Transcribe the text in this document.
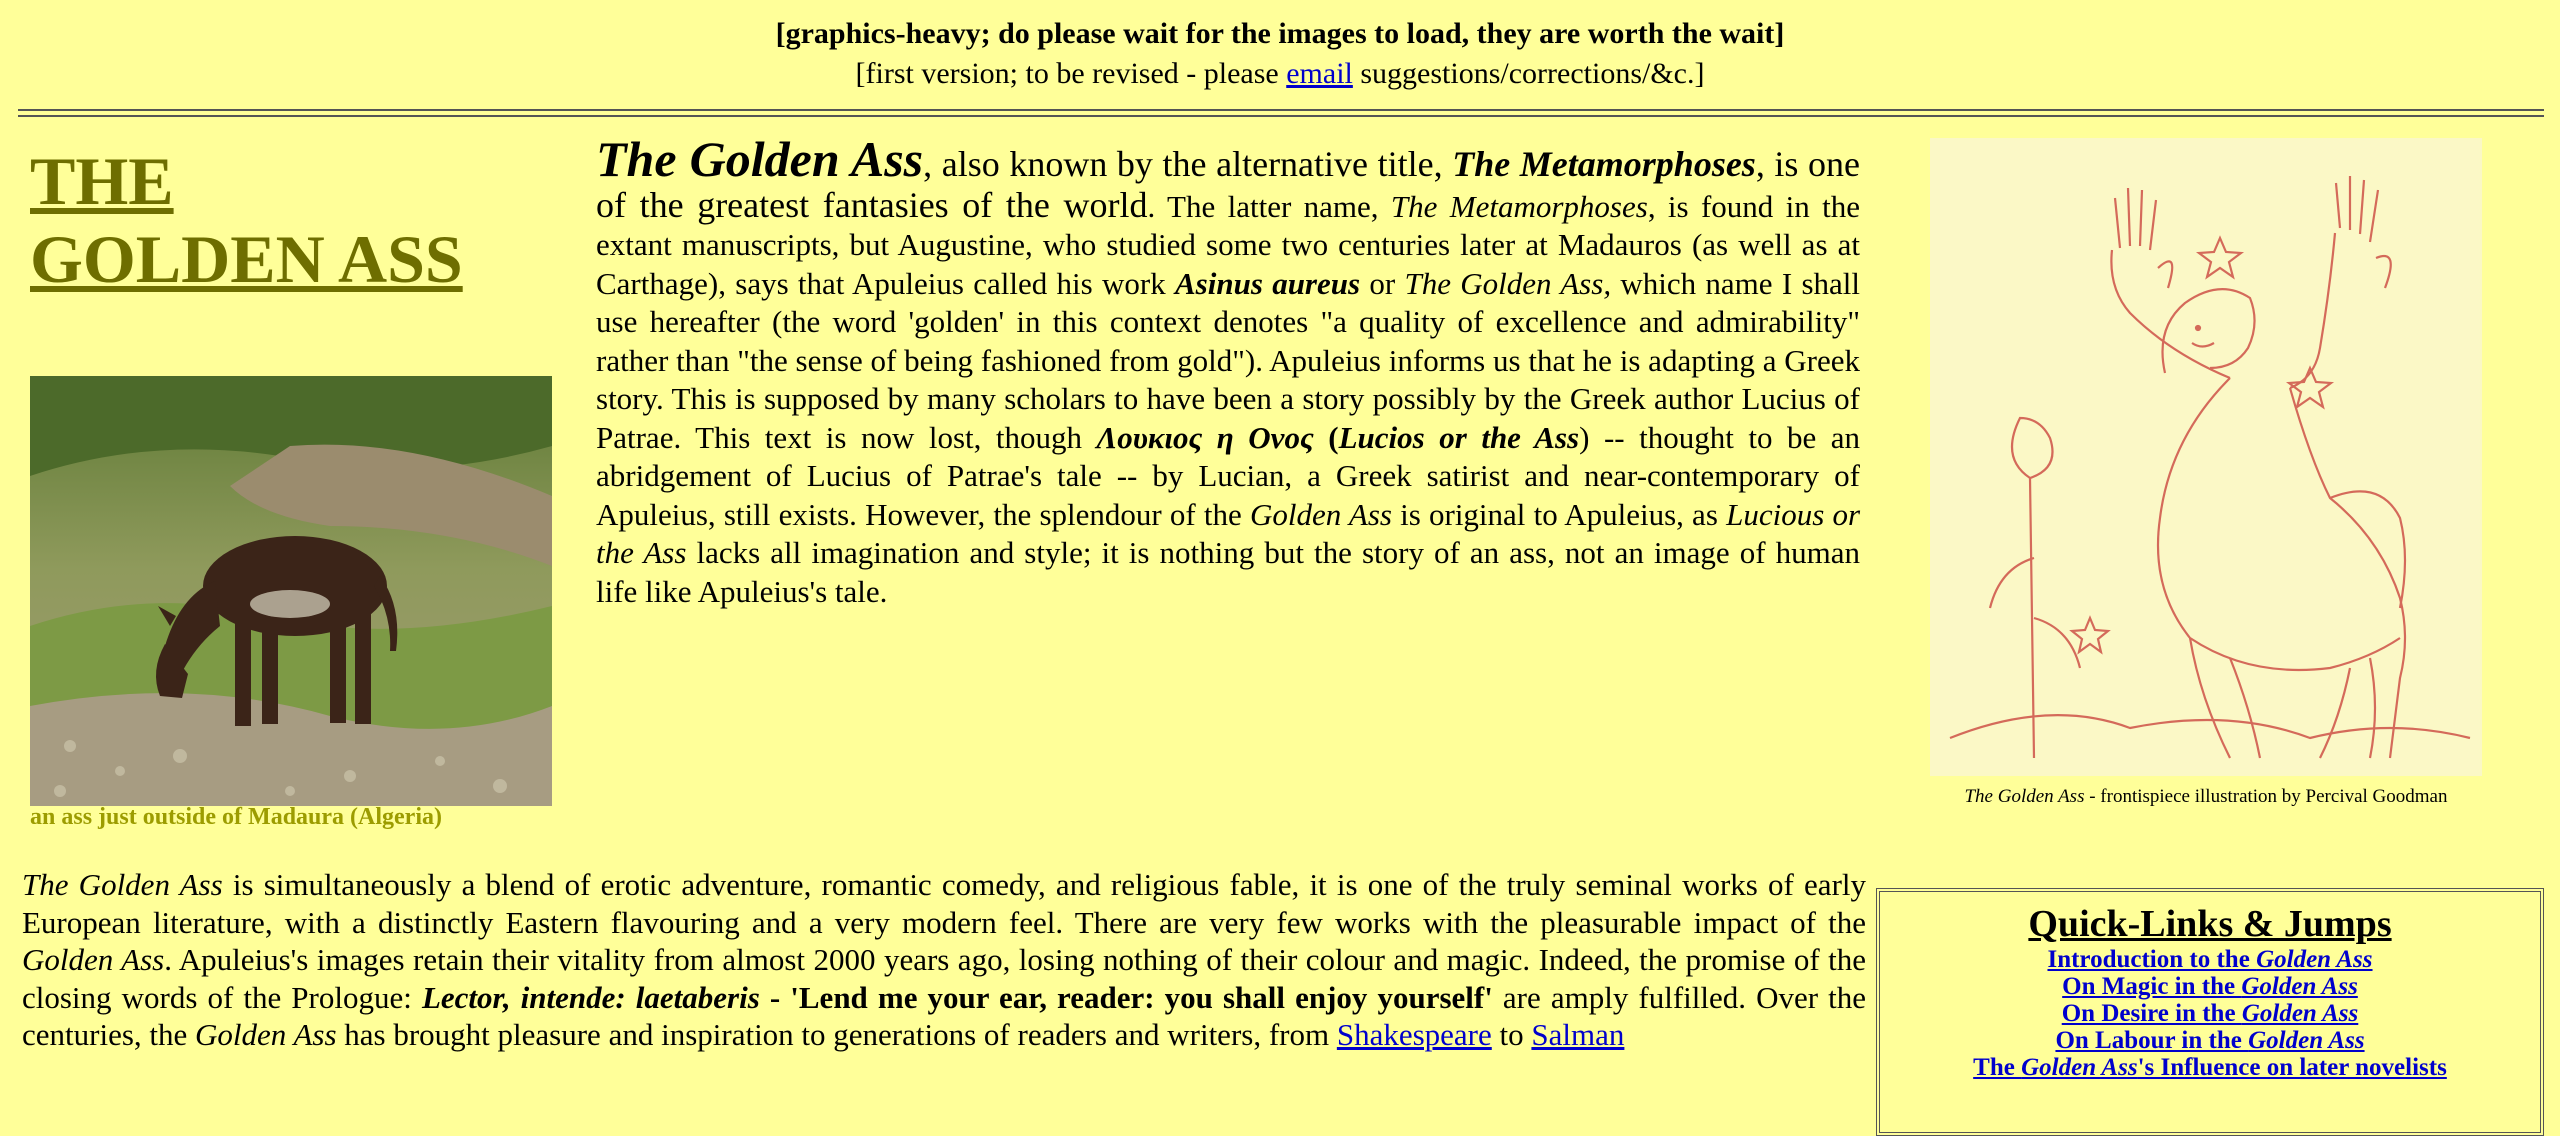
[graphics-heavy; do please wait for the images to load, they are worth the wait]
[first version; to be revised - please email suggestions/corrections/&c.]
THE
GOLDEN ASS
an ass just outside of Madaura (Algeria)
The Golden Ass, also known by the alternative title, The Metamorphoses, is one of the greatest fantasies of the world. The latter name, The Metamorphoses, is found in the extant manuscripts, but Augustine, who studied some two centuries later at Madauros (as well as at Carthage), says that Apuleius called his work Asinus aureus or The Golden Ass, which name I shall use hereafter (the word 'golden' in this context denotes "a quality of excellence and admirability" rather than "the sense of being fashioned from gold"). Apuleius informs us that he is adapting a Greek story. This is supposed by many scholars to have been a story possibly by the Greek author Lucius of Patrae. This text is now lost, though Λουκιος η Ονος (Lucios or the Ass) -- thought to be an abridgement of Lucius of Patrae's tale -- by Lucian, a Greek satirist and near-contemporary of Apuleius, still exists. However, the splendour of the Golden Ass is original to Apuleius, as Lucious or the Ass lacks all imagination and style; it is nothing but the story of an ass, not an image of human life like Apuleius's tale.
The Golden Ass - frontispiece illustration by Percival Goodman
The Golden Ass is simultaneously a blend of erotic adventure, romantic comedy, and religious fable, it is one of the truly seminal works of early European literature, with a distinctly Eastern flavouring and a very modern feel. There are very few works with the pleasurable impact of the Golden Ass. Apuleius's images retain their vitality from almost 2000 years ago, losing nothing of their colour and magic. Indeed, the promise of the closing words of the Prologue: Lector, intende: laetaberis - 'Lend me your ear, reader: you shall enjoy yourself' are amply fulfilled. Over the centuries, the Golden Ass has brought pleasure and inspiration to generations of readers and writers, from Shakespeare to Salman
Quick-Links & Jumps
Introduction to the Golden Ass
On Magic in the Golden Ass
On Desire in the Golden Ass
On Labour in the Golden Ass
The Golden Ass's Influence on later novelists
